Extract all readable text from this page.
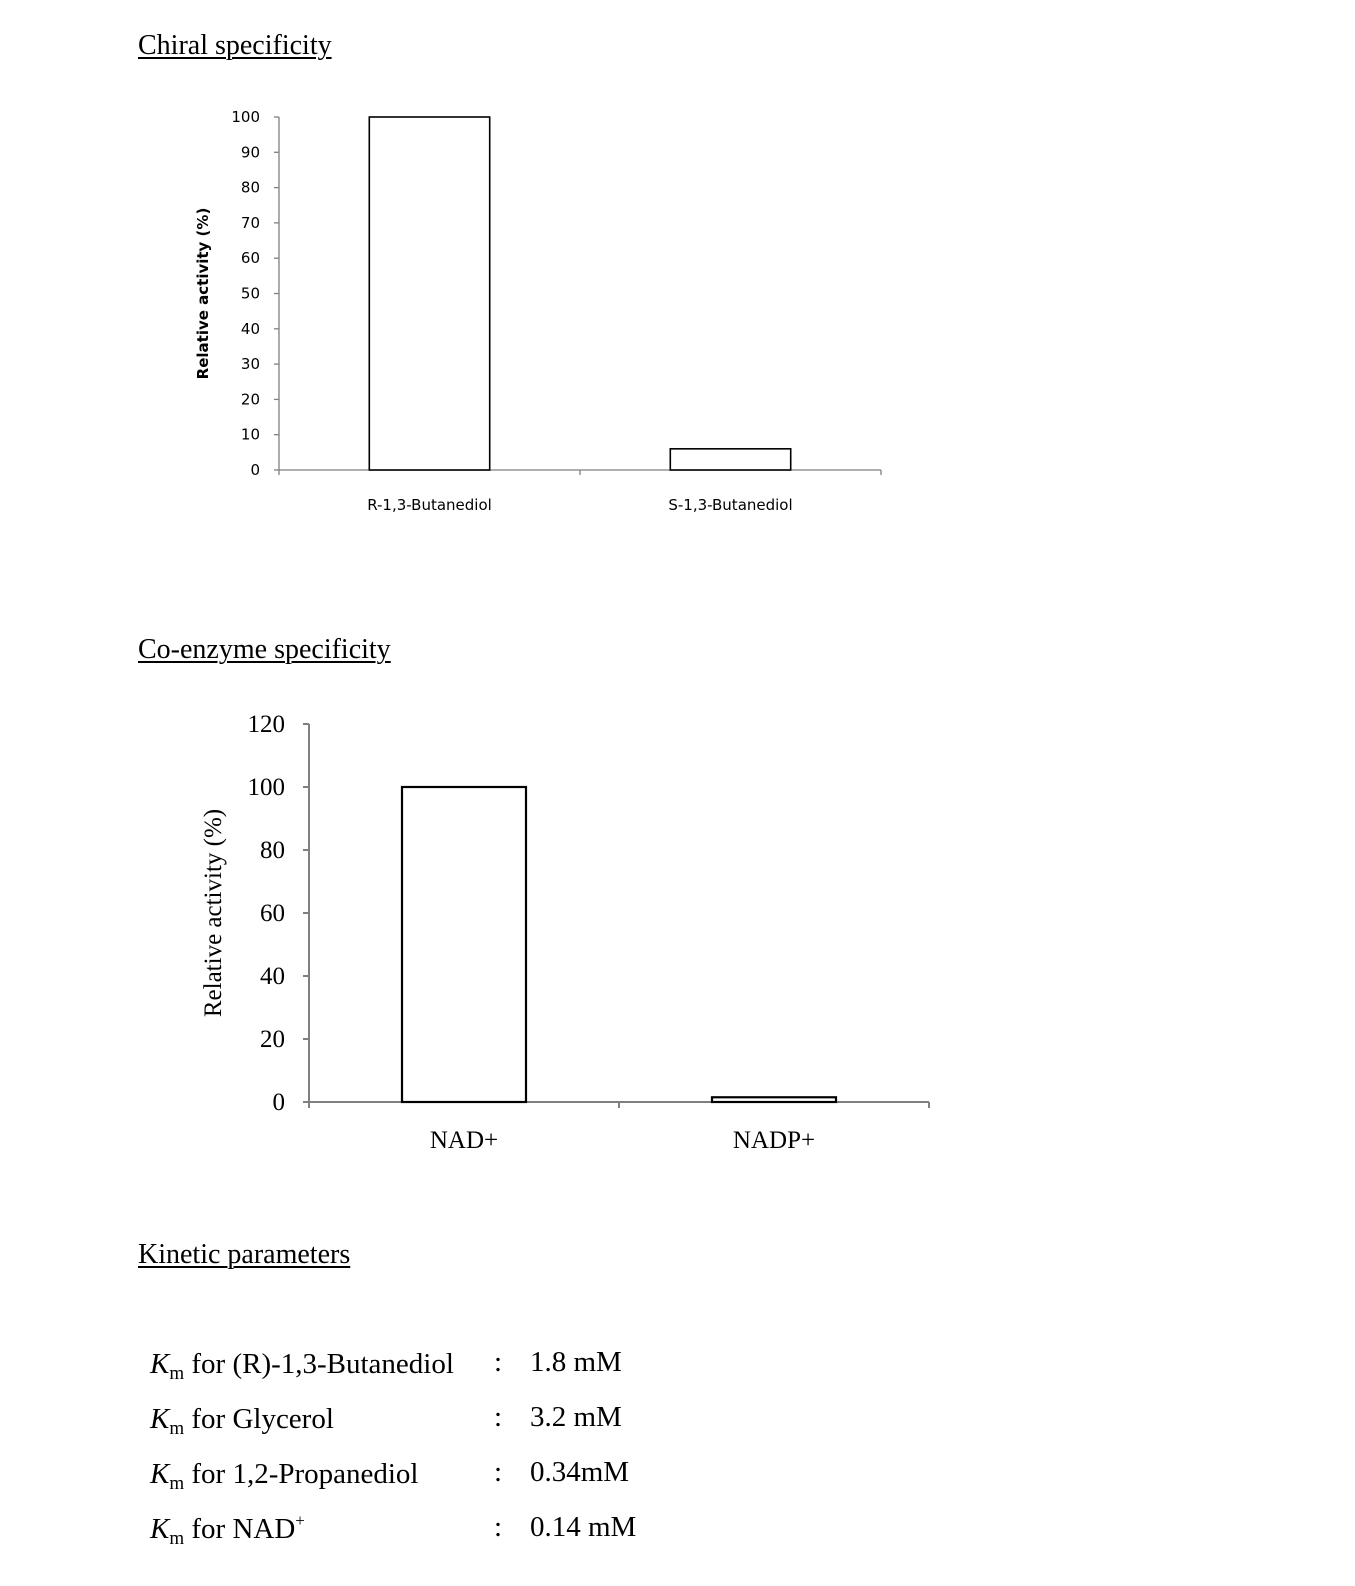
Chiral specificity
0
10
20
30
40
50
60
70
80
90
100
R-1,3-Butanediol	S-1,3-Butanediol
Relative activity (%)
Co-enzyme specificity
0
20
40
60
80
100
120
NAD+	NADP+
Relative activity (%)
Kinetic parameters
$K_m$ for (R)-1,3-Butanediol : 1.8 mM
$K_m$ for Glycerol	: 3.2 mM
$K_m$ for 1,2-Propanediol	: 0.34mM
$K_m$ for NAD+	: 0.14 mM
